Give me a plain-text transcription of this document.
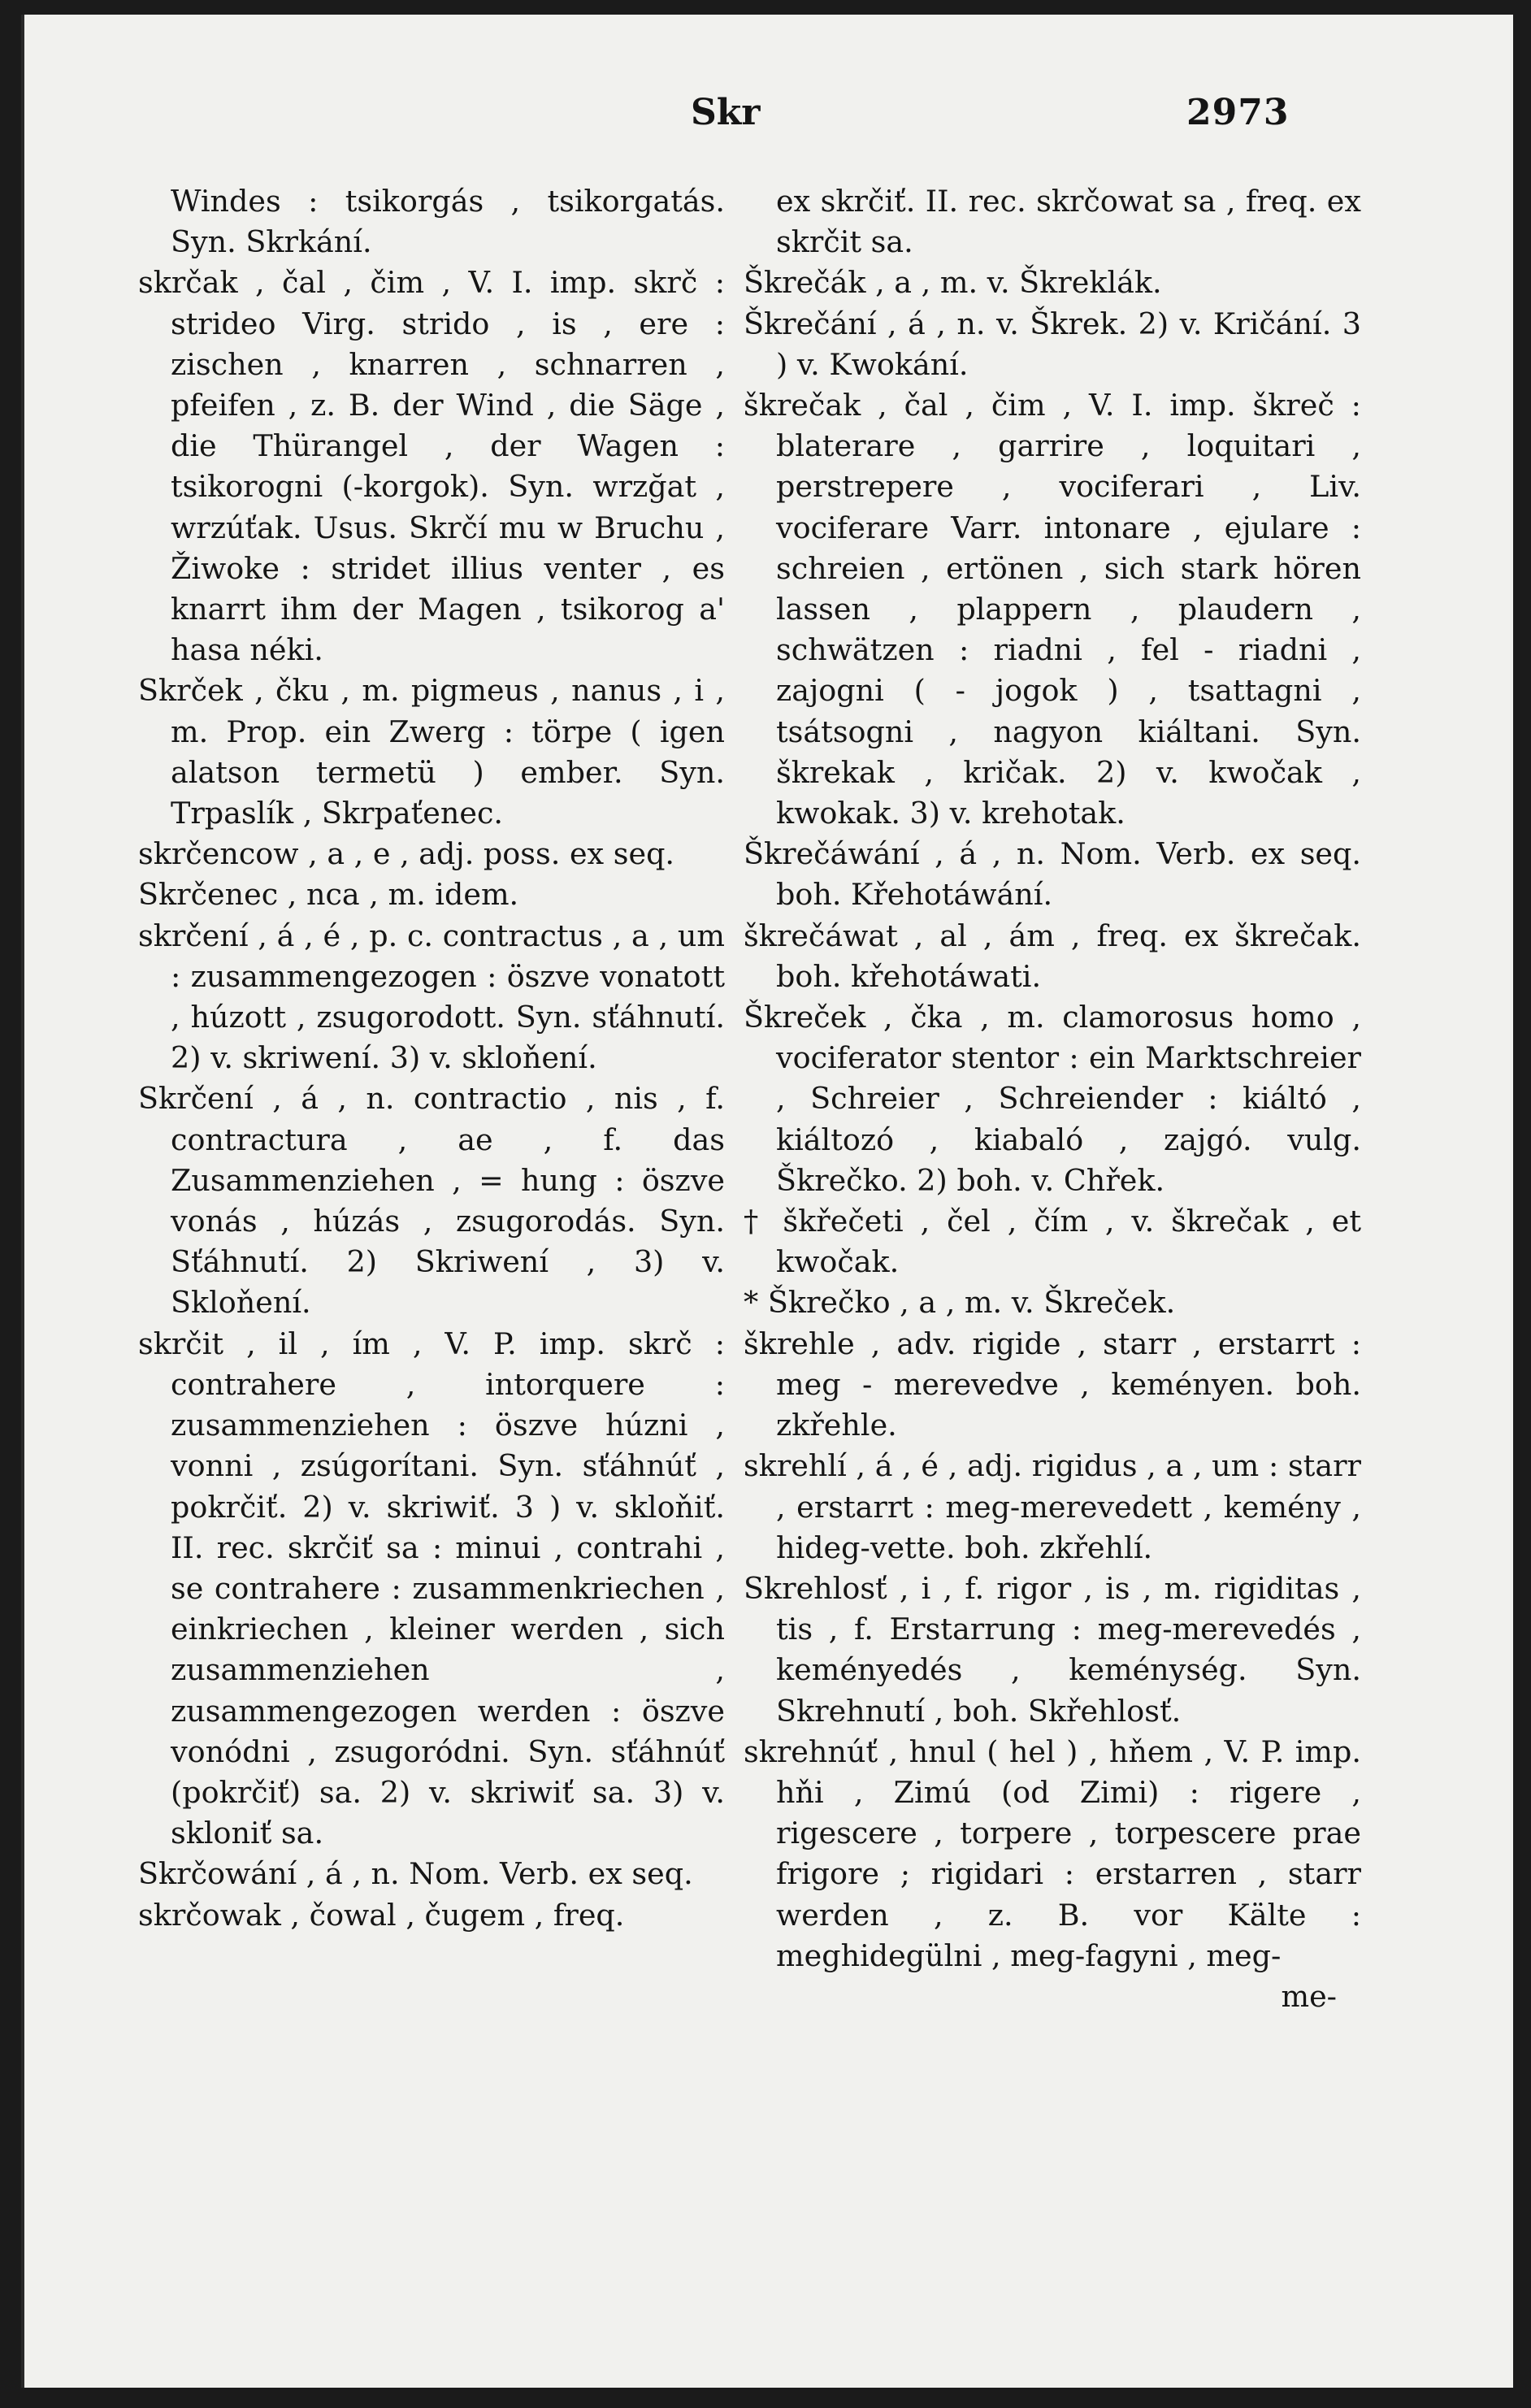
Skr	2973
Windes : tsikorgás , tsikorgatás. Syn. Skrkání.
skrčak , čal , čim , V. I. imp. skrč : strideo Virg. strido , is , ere : zischen , knarren , schnarren , pfeifen , z. B. der Wind , die Säge , die Thürangel , der Wagen : tsikorogni (-korgok). Syn. wrzğat , wrzúťak. Usus. Skrčí mu w Bruchu , Žiwoke : stridet illius venter , es knarrt ihm der Magen , tsikorog a' hasa néki.
Skrček , čku , m. pigmeus , nanus , i , m. Prop. ein Zwerg : törpe ( igen alatson termetü ) ember. Syn. Trpaslík , Skrpaťenec.
skrčencow , a , e , adj. poss. ex seq.
Skrčenec , nca , m. idem.
skrčení , á , é , p. c. contractus , a , um : zusammengezogen : öszve vonatott , húzott , zsugorodott. Syn. sťáhnutí. 2) v. skriwení. 3) v. skloňení.
Skrčení , á , n. contractio , nis , f. contractura , ae , f. das Zusammenziehen , = hung : öszve vonás , húzás , zsugorodás. Syn. Sťáhnutí. 2) Skriwení , 3) v. Skloňení.
skrčit , il , ím , V. P. imp. skrč : contrahere , intorquere : zusammenziehen : öszve húzni , vonni , zsúgorítani. Syn. sťáhnúť , pokrčiť. 2) v. skriwiť. 3 ) v. skloňiť. II. rec. skrčiť sa : minui , contrahi , se contrahere : zusammenkriechen , einkriechen , kleiner werden , sich zusammenziehen , zusammengezogen werden : öszve vonódni , zsugoródni. Syn. sťáhnúť (pokrčiť) sa. 2) v. skriwiť sa. 3) v. skloniť sa.
Skrčowání , á , n. Nom. Verb. ex seq.
skrčowak , čowal , čugem , freq.
ex skrčiť. II. rec. skrčowat sa , freq. ex skrčit sa.
Škrečák , a , m. v. Škreklák.
Škrečání , á , n. v. Škrek. 2) v. Kričání. 3 ) v. Kwokání.
škrečak , čal , čim , V. I. imp. škreč : blaterare , garrire , loquitari , perstrepere , vociferari , Liv. vociferare Varr. intonare , ejulare : schreien , ertönen , sich stark hören lassen , plappern , plaudern , schwätzen : riadni , fel - riadni , zajogni ( - jogok ) , tsattagni , tsátsogni , nagyon kiáltani. Syn. škrekak , kričak. 2) v. kwočak , kwokak. 3) v. krehotak.
Škrečáwání , á , n. Nom. Verb. ex seq. boh. Křehotáwání.
škrečáwat , al , ám , freq. ex škrečak. boh. křehotáwati.
Škreček , čka , m. clamorosus homo , vociferator stentor : ein Marktschreier , Schreier , Schreiender : kiáltó , kiáltozó , kiabaló , zajgó. vulg. Škrečko. 2) boh. v. Chřek.
† škřečeti , čel , čím , v. škrečak , et kwočak.
* Škrečko , a , m. v. Škreček.
škrehle , adv. rigide , starr , erstarrt : meg - merevedve , keményen. boh. zkřehle.
skrehlí , á , é , adj. rigidus , a , um : starr , erstarrt : meg-merevedett , kemény , hideg-vette. boh. zkřehlí.
Skrehlosť , i , f. rigor , is , m. rigiditas , tis , f. Erstarrung : meg-merevedés , keményedés , keménység. Syn. Skrehnutí , boh. Skřehlosť.
skrehnúť , hnul ( hel ) , hňem , V. P. imp. hňi , Zimú (od Zimi) : rigere , rigescere , torpere , torpescere prae frigore ; rigidari : erstarren , starr werden , z. B. vor Kälte : meghidegülni , meg-fagyni , meg-
me-
